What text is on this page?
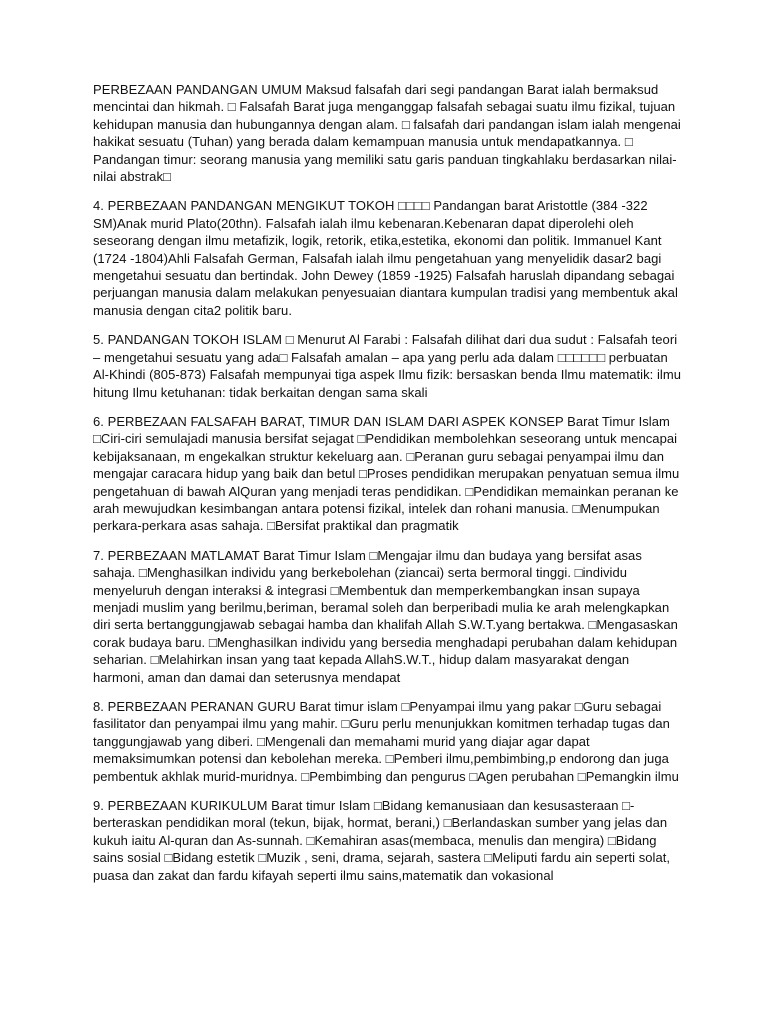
PERBEZAAN PANDANGAN UMUM Maksud falsafah dari segi pandangan Barat ialah bermaksud mencintai dan hikmah. □ Falsafah Barat juga menganggap falsafah sebagai suatu ilmu fizikal, tujuan kehidupan manusia dan hubungannya dengan alam. □ falsafah dari pandangan islam ialah mengenai hakikat sesuatu (Tuhan) yang berada dalam kemampuan manusia untuk mendapatkannya. □ Pandangan timur: seorang manusia yang memiliki satu garis panduan tingkahlaku berdasarkan nilai-nilai abstrak□

4. PERBEZAAN PANDANGAN MENGIKUT TOKOH □□□□ Pandangan barat Aristottle (384 -322 SM)Anak murid Plato(20thn). Falsafah ialah ilmu kebenaran.Kebenaran dapat diperolehi oleh seseorang dengan ilmu metafizik, logik, retorik, etika,estetika, ekonomi dan politik. Immanuel Kant (1724 -1804)Ahli Falsafah German, Falsafah ialah ilmu pengetahuan yang menyelidik dasar2 bagi mengetahui sesuatu dan bertindak. John Dewey (1859 -1925) Falsafah haruslah dipandang sebagai perjuangan manusia dalam melakukan penyesuaian diantara kumpulan tradisi yang membentuk akal manusia dengan cita2 politik baru.

5. PANDANGAN TOKOH ISLAM □ Menurut Al Farabi : Falsafah dilihat dari dua sudut : Falsafah teori – mengetahui sesuatu yang ada□ Falsafah amalan – apa yang perlu ada dalam □□□□□□ perbuatan Al-Khindi (805-873) Falsafah mempunyai tiga aspek Ilmu fizik: bersaskan benda Ilmu matematik: ilmu hitung Ilmu ketuhanan: tidak berkaitan dengan sama skali

6. PERBEZAAN FALSAFAH BARAT, TIMUR DAN ISLAM DARI ASPEK KONSEP Barat Timur Islam □Ciri-ciri semulajadi manusia bersifat sejagat □Pendidikan membolehkan seseorang untuk mencapai kebijaksanaan, m engekalkan struktur kekeluarg aan. □Peranan guru sebagai penyampai ilmu dan mengajar caracara hidup yang baik dan betul □Proses pendidikan merupakan penyatuan semua ilmu pengetahuan di bawah AlQuran yang menjadi teras pendidikan. □Pendidikan memainkan peranan ke arah mewujudkan kesimbangan antara potensi fizikal, intelek dan rohani manusia. □Menumpukan perkara-perkara asas sahaja. □Bersifat praktikal dan pragmatik

7. PERBEZAAN MATLAMAT Barat Timur Islam □Mengajar ilmu dan budaya yang bersifat asas sahaja. □Menghasilkan individu yang berkebolehan (ziancai) serta bermoral tinggi. □individu menyeluruh dengan interaksi & integrasi □Membentuk dan memperkembangkan insan supaya menjadi muslim yang berilmu,beriman, beramal soleh dan berperibadi mulia ke arah melengkapkan diri serta bertanggungjawab sebagai hamba dan khalifah Allah S.W.T.yang bertakwa. □Mengasaskan corak budaya baru. □Menghasilkan individu yang bersedia menghadapi perubahan dalam kehidupan seharian. □Melahirkan insan yang taat kepada AllahS.W.T., hidup dalam masyarakat dengan harmoni, aman dan damai dan seterusnya mendapat

8. PERBEZAAN PERANAN GURU Barat timur islam □Penyampai ilmu yang pakar □Guru sebagai fasilitator dan penyampai ilmu yang mahir. □Guru perlu menunjukkan komitmen terhadap tugas dan tanggungjawab yang diberi. □Mengenali dan memahami murid yang diajar agar dapat memaksimumkan potensi dan kebolehan mereka. □Pemberi ilmu,pembimbing,p endorong dan juga pembentuk akhlak murid-muridnya. □Pembimbing dan pengurus □Agen perubahan □Pemangkin ilmu

9. PERBEZAAN KURIKULUM Barat timur Islam □Bidang kemanusiaan dan kesusasteraan □-berteraskan pendidikan moral (tekun, bijak, hormat, berani,) □Berlandaskan sumber yang jelas dan kukuh iaitu Al-quran dan As-sunnah. □Kemahiran asas(membaca, menulis dan mengira) □Bidang sains sosial □Bidang estetik □Muzik , seni, drama, sejarah, sastera □Meliputi fardu ain seperti solat, puasa dan zakat dan fardu kifayah seperti ilmu sains,matematik dan vokasional
